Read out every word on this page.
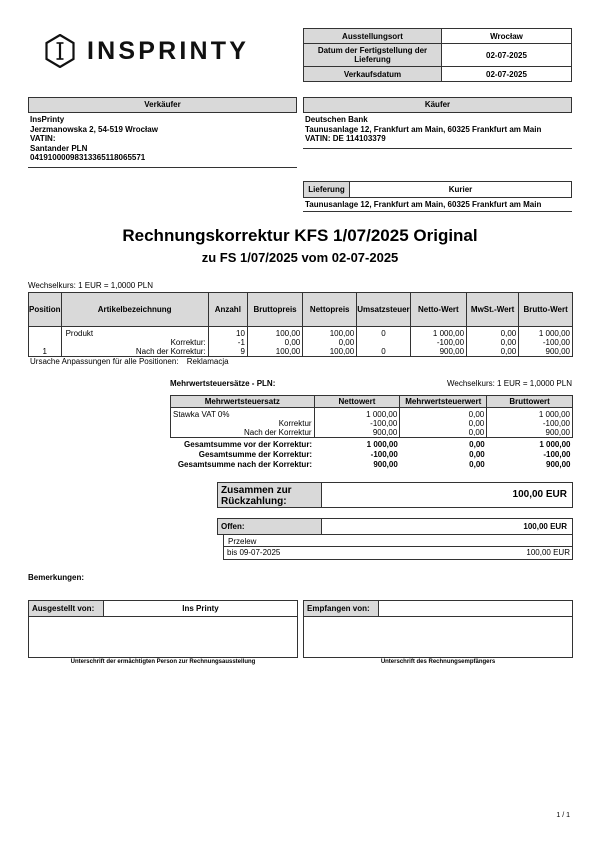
INSPRINTY
Ausstellungsort	Wrocław
Datum der Fertigstellung der Lieferung	02-07-2025
Verkaufsdatum	02-07-2025
Verkäufer
InsPrinty
Jerzmanowska 2, 54-519 Wrocław
VATIN:
Santander PLN
04191000098313365118065571
Käufer
Deutschen Bank
Taunusanlage 12, Frankfurt am Main, 60325 Frankfurt am Main
VATIN: DE 114103379
Lieferung	Kurier
Taunusanlage 12, Frankfurt am Main, 60325 Frankfurt am Main
Rechnungskorrektur KFS 1/07/2025 Original
zu FS 1/07/2025 vom 02-07-2025
Wechselkurs: 1 EUR = 1,0000 PLN
Position	Artikelbezeichnung	Anzahl	Bruttopreis	Nettopreis	Umsatzsteuer	Netto-Wert	MwSt.-Wert	Brutto-Wert
	Produkt	10	100,00	100,00	0	1 000,00	0,00	1 000,00
	Korrektur:	-1	0,00	0,00		-100,00	0,00	-100,00
1	Nach der Korrektur:	9	100,00	100,00	0	900,00	0,00	900,00
Ursache Anpassungen für alle Positionen: Reklamacja
Mehrwertsteuersätze - PLN:	Wechselkurs: 1 EUR = 1,0000 PLN
Mehrwertsteuersatz	Nettowert	Mehrwertsteuerwert	Bruttowert
Stawka VAT 0%	1 000,00	0,00	1 000,00
Korrektur	-100,00	0,00	-100,00
Nach der Korrektur	900,00	0,00	900,00
Gesamtsumme vor der Korrektur:	1 000,00	0,00	1 000,00
Gesamtsumme der Korrektur:	-100,00	0,00	-100,00
Gesamtsumme nach der Korrektur:	900,00	0,00	900,00
Zusammen zur Rückzahlung:
100,00 EUR
Offen:	100,00 EUR
Przelew
bis 09-07-2025	100,00 EUR
Bemerkungen:
Ausgestellt von:	Ins Printy
Unterschrift der ermächtigten Person zur Rechnungsausstellung
Empfangen von:
Unterschrift des Rechnungsempfängers
1 / 1
